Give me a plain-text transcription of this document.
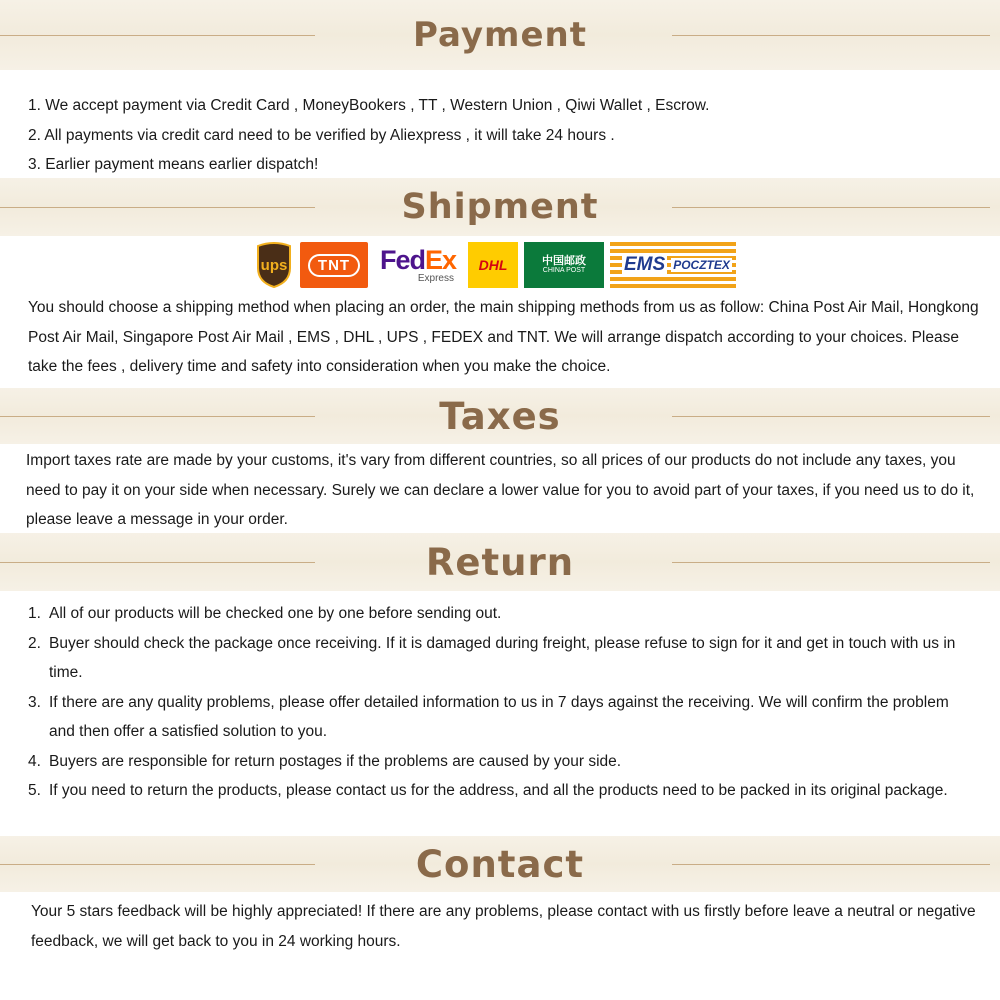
Payment

1. We accept payment via Credit Card , MoneyBookers , TT , Western Union , Qiwi Wallet , Escrow.

2. All payments via credit card need to be verified by Aliexpress , it will take 24 hours .

3. Earlier payment means earlier dispatch!

Shipment
ups	TNT	FedEx
Express
DHL	中国邮政
CHINA POST EMS POCZTEX
You should choose a shipping method when placing an order, the main shipping methods from us as follow: China Post Air Mail, Hongkong Post Air Mail, Singapore Post Air Mail , EMS , DHL , UPS , FEDEX and TNT. We will arrange dispatch according to your choices. Please take the fees , delivery time and safety into consideration when you make the choice.
Taxes
Import taxes rate are made by your customs, it's vary from different countries, so all prices of our products do not include any taxes, you need to pay it on your side when necessary. Surely we can declare a lower value for you to avoid part of your taxes, if you need us to do it, please leave a message in your order.
Return

1. All of our products will be checked one by one before sending out.

2. Buyer should check the package once receiving. If it is damaged during freight, please refuse to sign for it and get in touch with us in time.

3. If there are any quality problems, please offer detailed information to us in 7 days against the receiving. We will confirm the problem and then offer a satisfied solution to you.

4. Buyers are responsible for return postages if the problems are caused by your side.

5. If you need to return the products, please contact us for the address, and all the products need to be packed in its original package.

Contact
Your 5 stars feedback will be highly appreciated! If there are any problems, please contact with us firstly before leave a neutral or negative feedback, we will get back to you in 24 working hours.
